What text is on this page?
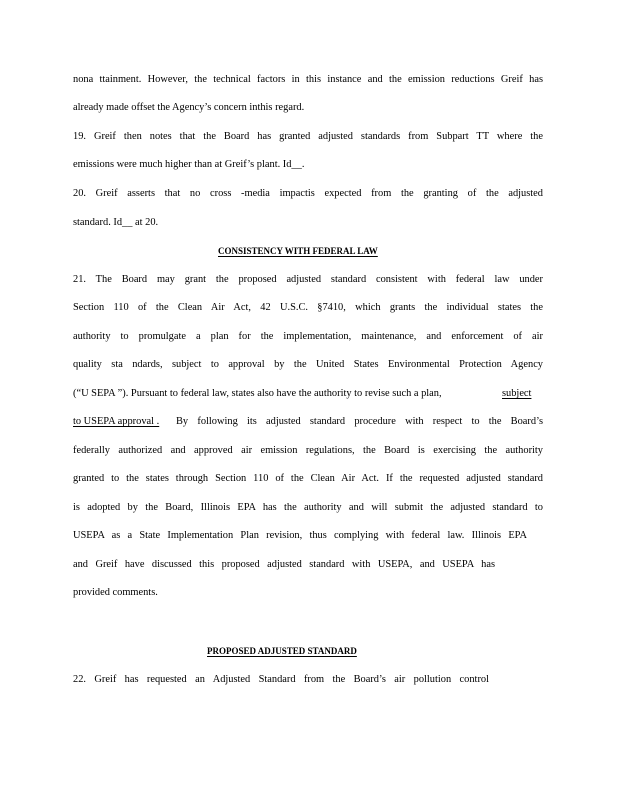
nona ttainment. However, the technical factors in this instance and the emission reductions Greif has
already made offset the Agency’s concern inthis regard.
19. Greif then notes that the Board has granted adjusted standards from Subpart TT where the
emissions were much higher than at Greif’s plant. Id__.
20. Greif asserts that no cross -media impactis expected from the granting of the adjusted
standard. Id__ at 20.
CONSISTENCY WITH FEDERAL LAW
21. The Board may grant the proposed adjusted standard consistent with federal law under
Section 110 of the Clean Air Act, 42 U.S.C. §7410, which grants the individual states the
authority to promulgate a plan for the implementation, maintenance, and enforcement of air
quality sta ndards, subject to approval by the United States Environmental Protection Agency
(“U SEPA ”). Pursuant to federal law, states also have the authority to revise such a plan,	subject
to USEPA approval . By following its adjusted standard procedure with respect to the Board’s
federally authorized and approved air emission regulations, the Board is exercising the authority
granted to the states through Section 110 of the Clean Air Act. If the requested adjusted standard
is adopted by the Board, Illinois EPA has the authority and will submit the adjusted standard to
USEPA as a State Implementation Plan revision, thus complying with federal law. Illinois EPA
and Greif have discussed this proposed adjusted standard with USEPA, and USEPA has
provided comments.
PROPOSED ADJUSTED STANDARD
22. Greif has requested an Adjusted Standard from the Board’s air pollution control
